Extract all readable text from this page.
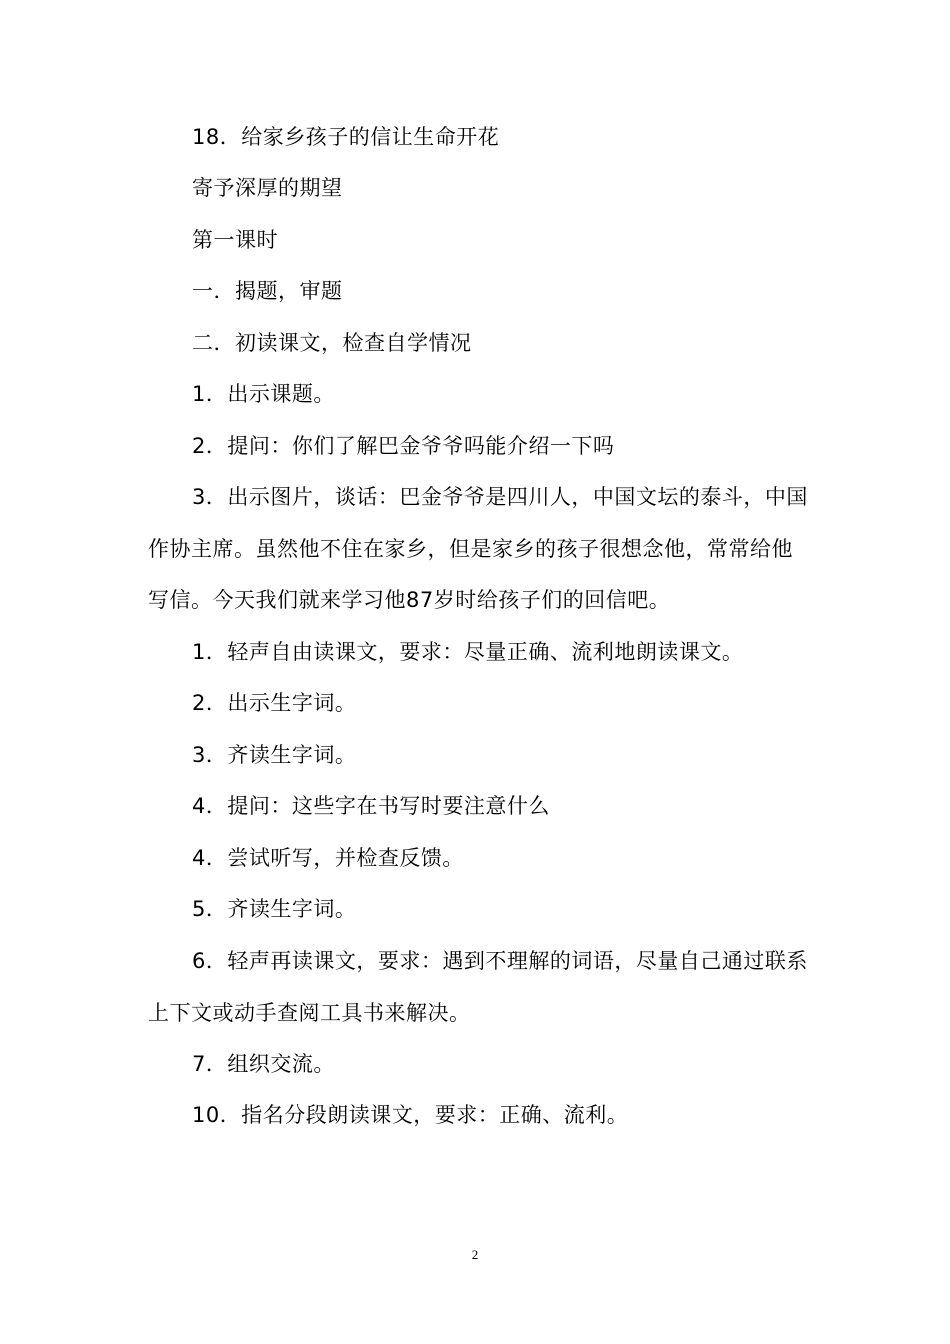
18．给家乡孩子的信让生命开花

寄予深厚的期望

第一课时

一．揭题，审题

二．初读课文，检查自学情况

1．出示课题。

2．提问：你们了解巴金爷爷吗能介绍一下吗

3．出示图片，谈话：巴金爷爷是四川人，中国文坛的泰斗，中国作协主席。虽然他不住在家乡，但是家乡的孩子很想念他，常常给他写信。今天我们就来学习他87岁时给孩子们的回信吧。

1．轻声自由读课文，要求：尽量正确、流利地朗读课文。

2．出示生字词。

3．齐读生字词。

4．提问：这些字在书写时要注意什么

4．尝试听写，并检查反馈。

5．齐读生字词。

6．轻声再读课文，要求：遇到不理解的词语，尽量自己通过联系上下文或动手查阅工具书来解决。

7．组织交流。

10．指名分段朗读课文，要求：正确、流利。

2
